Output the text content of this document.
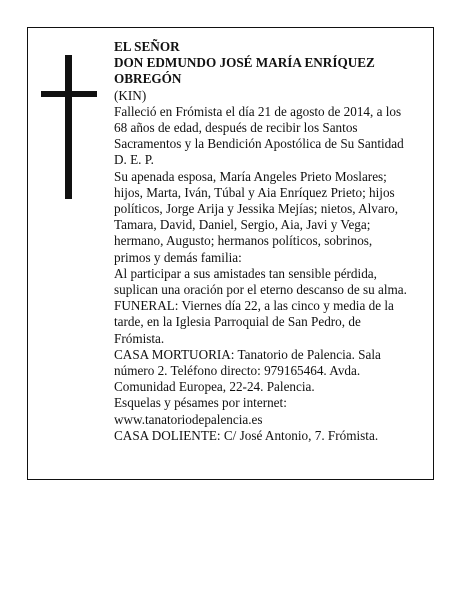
EL SEÑOR
DON EDMUNDO JOSÉ MARÍA ENRÍQUEZ
OBREGÓN
(KIN)
Falleció en Frómista el día 21 de agosto de 2014, a los
68 años de edad, después de recibir los Santos
Sacramentos y la Bendición Apostólica de Su Santidad
D. E. P.
Su apenada esposa, María Angeles Prieto Moslares;
hijos, Marta, Iván, Túbal y Aia Enríquez Prieto; hijos
políticos, Jorge Arija y Jessika Mejías; nietos, Alvaro,
Tamara, David, Daniel, Sergio, Aia, Javi y Vega;
hermano, Augusto; hermanos políticos, sobrinos,
primos y demás familia:
Al participar a sus amistades tan sensible pérdida,
suplican una oración por el eterno descanso de su alma.
FUNERAL: Viernes día 22, a las cinco y media de la
tarde, en la Iglesia Parroquial de San Pedro, de
Frómista.
CASA MORTUORIA: Tanatorio de Palencia. Sala
número 2. Teléfono directo: 979165464. Avda.
Comunidad Europea, 22-24. Palencia.
Esquelas y pésames por internet:
www.tanatoriodepalencia.es
CASA DOLIENTE: C/ José Antonio, 7. Frómista.
